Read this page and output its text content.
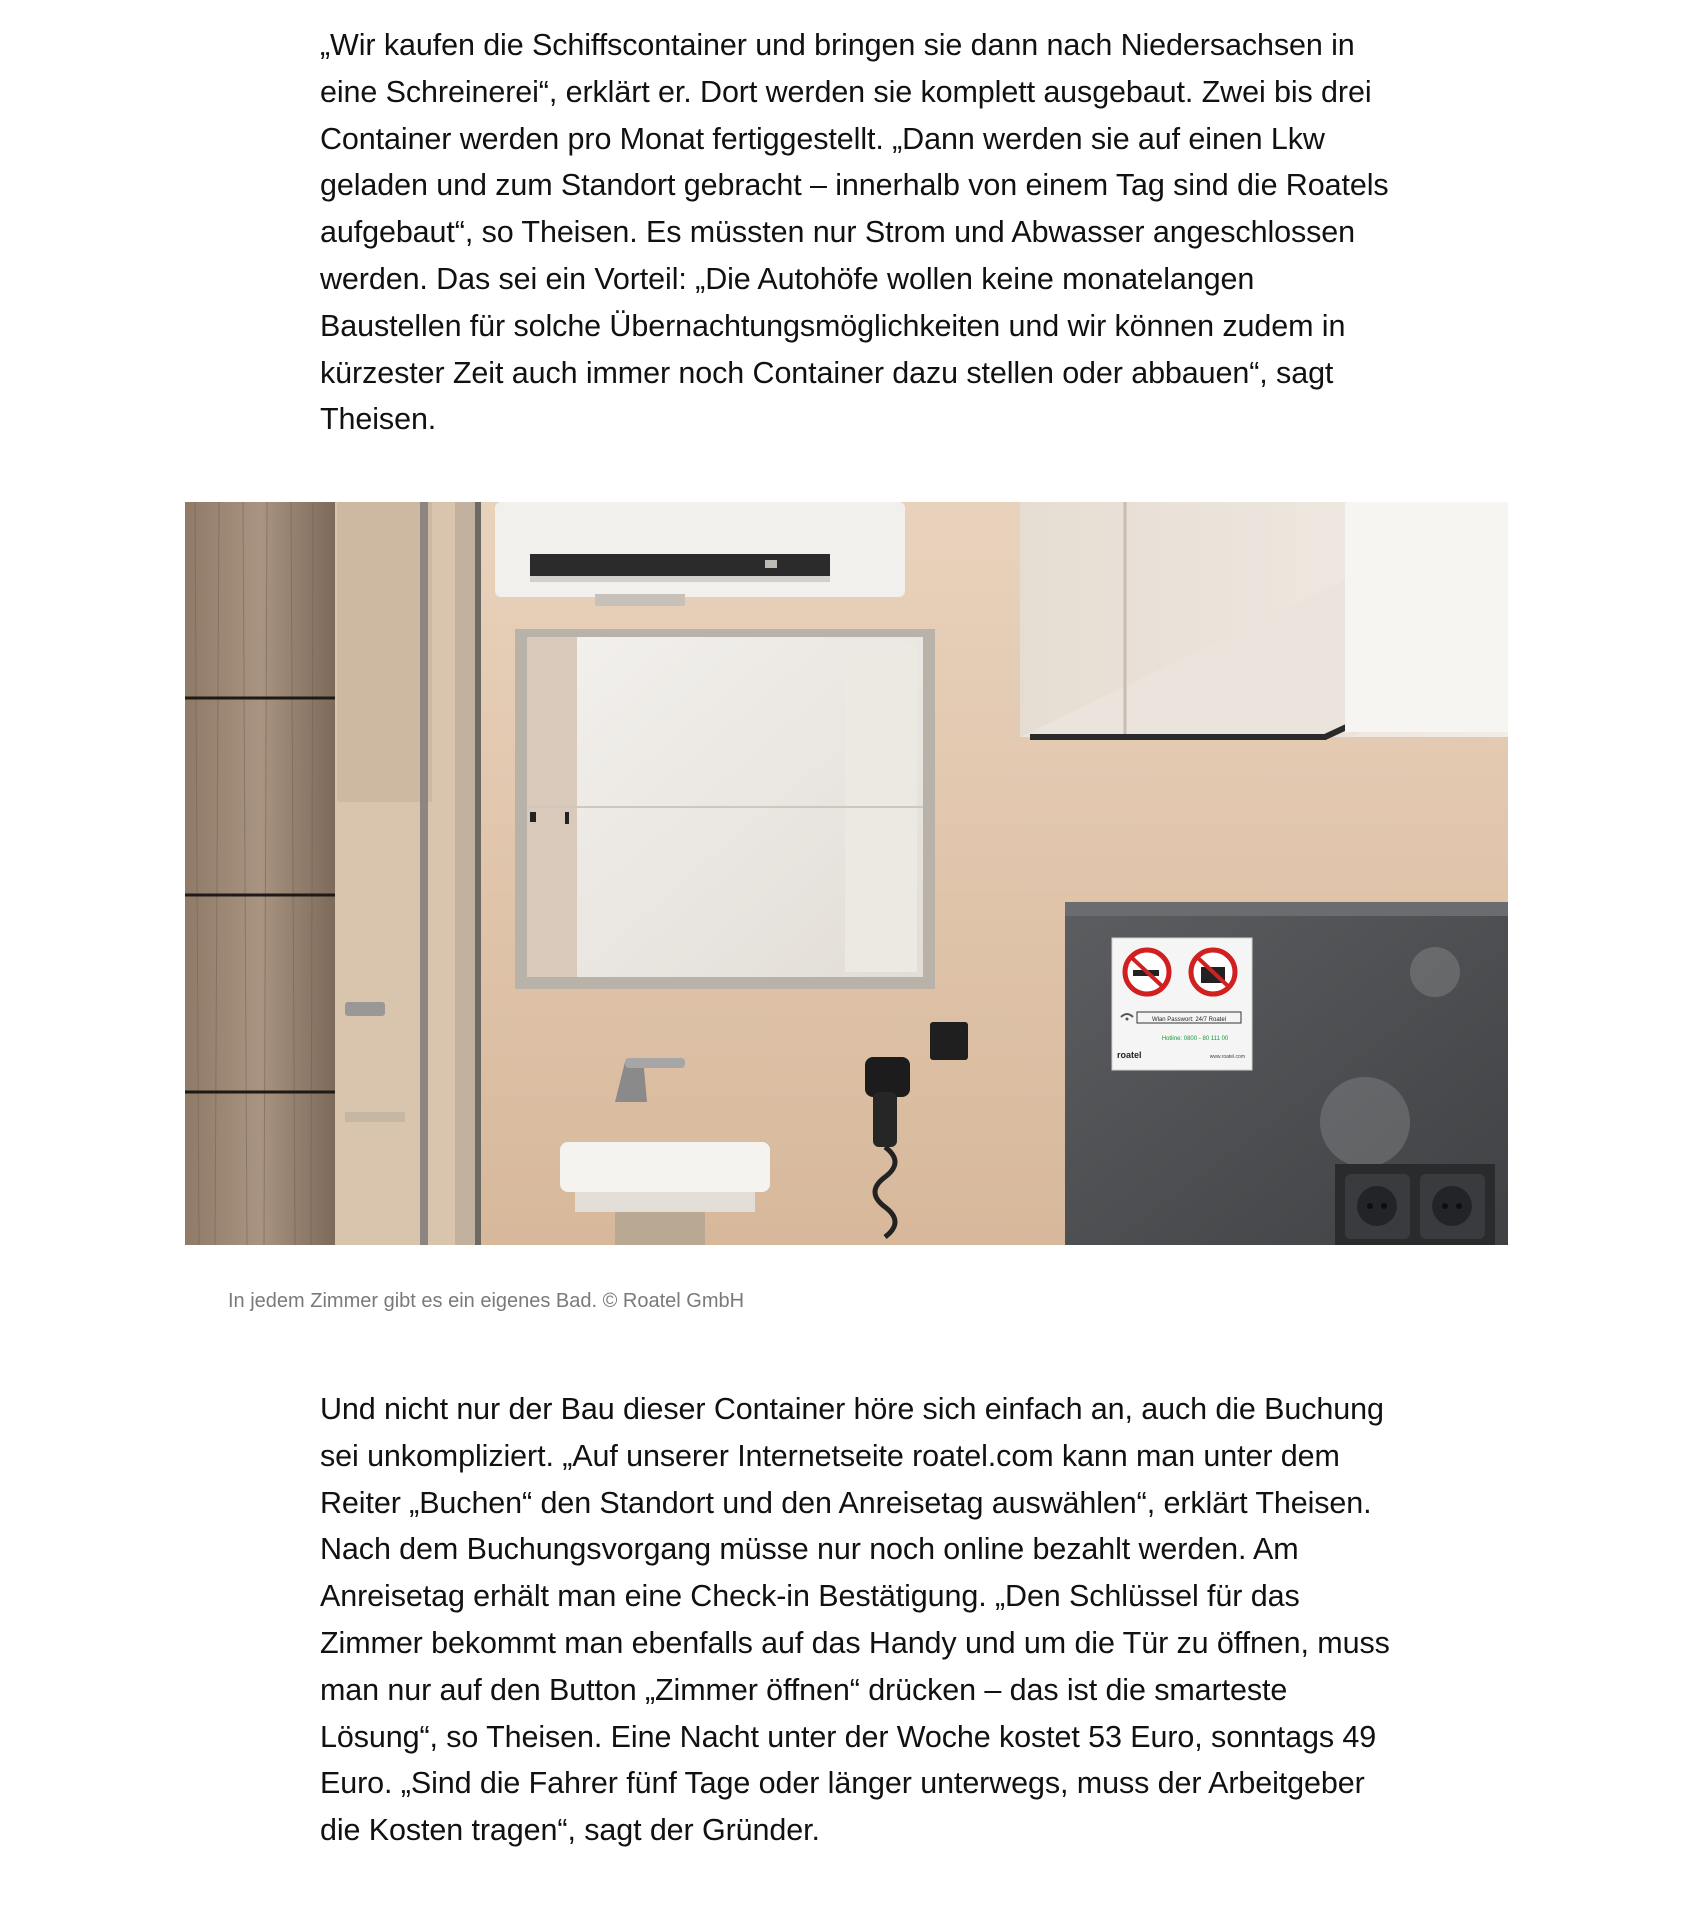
„Wir kaufen die Schiffscontainer und bringen sie dann nach Niedersachsen in eine Schreinerei“, erklärt er. Dort werden sie komplett ausgebaut. Zwei bis drei Container werden pro Monat fertiggestellt. „Dann werden sie auf einen Lkw geladen und zum Standort gebracht – innerhalb von einem Tag sind die Roatels aufgebaut“, so Theisen. Es müssten nur Strom und Abwasser angeschlossen werden. Das sei ein Vorteil: „Die Autohöfe wollen keine monatelangen Baustellen für solche Übernachtungsmöglichkeiten und wir können zudem in kürzester Zeit auch immer noch Container dazu stellen oder abbauen“, sagt Theisen.

Wlan Passwort: 24/7 Roatel
Hotline: 0800 - 80 111 00
roatel	www.roatel.com

In jedem Zimmer gibt es ein eigenes Bad. © Roatel GmbH

Und nicht nur der Bau dieser Container höre sich einfach an, auch die Buchung sei unkompliziert. „Auf unserer Internetseite roatel.com kann man unter dem Reiter „Buchen“ den Standort und den Anreisetag auswählen“, erklärt Theisen. Nach dem Buchungsvorgang müsse nur noch online bezahlt werden. Am Anreisetag erhält man eine Check-in Bestätigung. „Den Schlüssel für das Zimmer bekommt man ebenfalls auf das Handy und um die Tür zu öffnen, muss man nur auf den Button „Zimmer öffnen“ drücken – das ist die smarteste Lösung“, so Theisen. Eine Nacht unter der Woche kostet 53 Euro, sonntags 49 Euro. „Sind die Fahrer fünf Tage oder länger unterwegs, muss der Arbeitgeber die Kosten tragen“, sagt der Gründer.
